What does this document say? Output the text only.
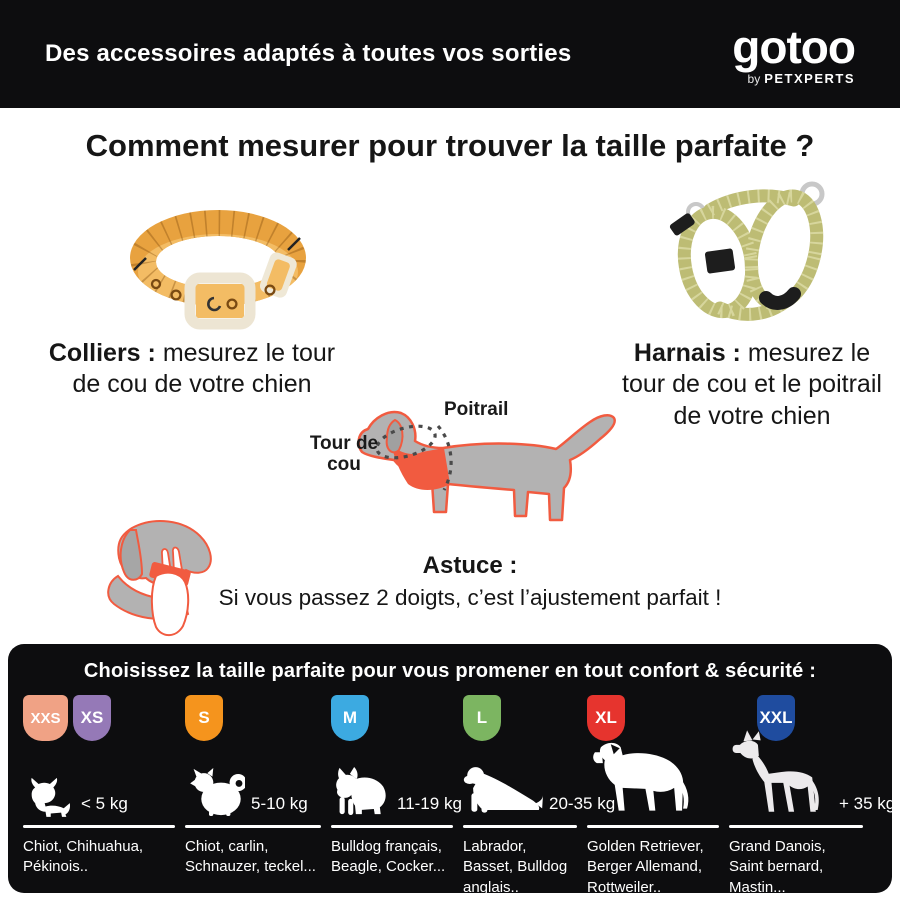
Des accessoires adaptés à toutes vos sorties	gotoo
by PETXPERTS
Comment mesurer pour trouver la taille parfaite ?

Colliers : mesurez le tour de cou de votre chien

Harnais : mesurez le tour de cou et le poitrail de votre chien

Poitrail
Tour de cou
Astuce :
Si vous passez 2 doigts, c’est l’ajustement parfait !
Choisissez la taille parfaite pour vous promener en tout confort & sécurité :
XXS	XS
< 5 kg
Chiot, Chihuahua, Pékinois..
S
5-10 kg
Chiot, carlin, Schnauzer, teckel...
M
11-19 kg
Bulldog français, Beagle, Cocker...
L
20-35 kg
Labrador, Basset, Bulldog anglais..
XL
Golden Retriever, Berger Allemand, Rottweiler..
XXL
+ 35 kg
Grand Danois, Saint bernard, Mastin...
